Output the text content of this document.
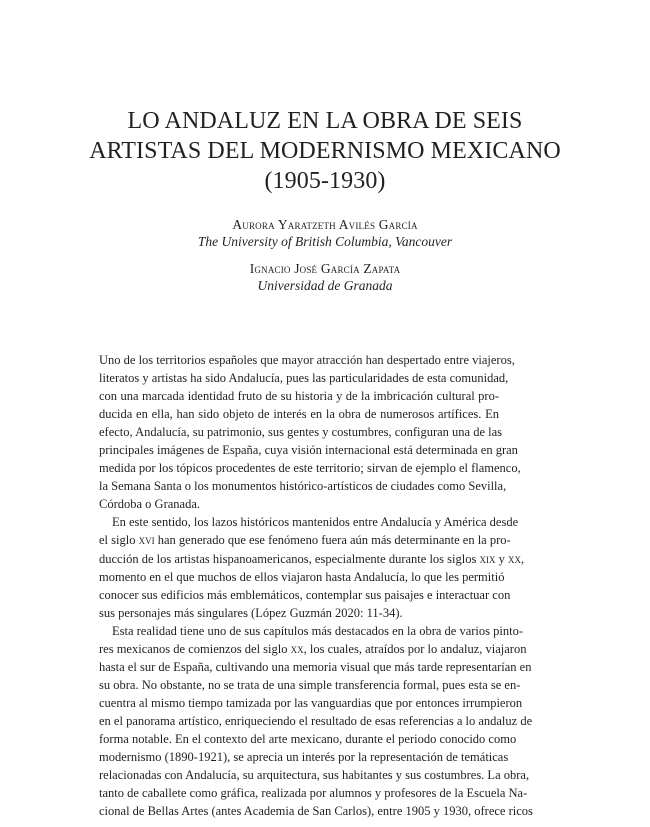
LO ANDALUZ EN LA OBRA DE SEIS
ARTISTAS DEL MODERNISMO MEXICANO
(1905-1930)
Aurora Yaratzeth Avilés García
The University of British Columbia, Vancouver
Ignacio José García Zapata
Universidad de Granada
Uno de los territorios españoles que mayor atracción han despertado entre viajeros,
literatos y artistas ha sido Andalucía, pues las particularidades de esta comunidad,
con una marcada identidad fruto de su historia y de la imbricación cultural pro-
ducida en ella, han sido objeto de interés en la obra de numerosos artífices. En
efecto, Andalucía, su patrimonio, sus gentes y costumbres, configuran una de las
principales imágenes de España, cuya visión internacional está determinada en gran
medida por los tópicos procedentes de este territorio; sirvan de ejemplo el flamenco,
la Semana Santa o los monumentos histórico-artísticos de ciudades como Sevilla,
Córdoba o Granada.
En este sentido, los lazos históricos mantenidos entre Andalucía y América desde
el siglo xvi han generado que ese fenómeno fuera aún más determinante en la pro-
ducción de los artistas hispanoamericanos, especialmente durante los siglos xix y xx,
momento en el que muchos de ellos viajaron hasta Andalucía, lo que les permitió
conocer sus edificios más emblemáticos, contemplar sus paisajes e interactuar con
sus personajes más singulares (López Guzmán 2020: 11-34).
Esta realidad tiene uno de sus capítulos más destacados en la obra de varios pinto-
res mexicanos de comienzos del siglo xx, los cuales, atraídos por lo andaluz, viajaron
hasta el sur de España, cultivando una memoria visual que más tarde representarían en
su obra. No obstante, no se trata de una simple transferencia formal, pues esta se en-
cuentra al mismo tiempo tamizada por las vanguardias que por entonces irrumpieron
en el panorama artístico, enriqueciendo el resultado de esas referencias a lo andaluz de
forma notable. En el contexto del arte mexicano, durante el periodo conocido como
modernismo (1890-1921), se aprecia un interés por la representación de temáticas
relacionadas con Andalucía, su arquitectura, sus habitantes y sus costumbres. La obra,
tanto de caballete como gráfica, realizada por alumnos y profesores de la Escuela Na-
cional de Bellas Artes (antes Academia de San Carlos), entre 1905 y 1930, ofrece ricos
